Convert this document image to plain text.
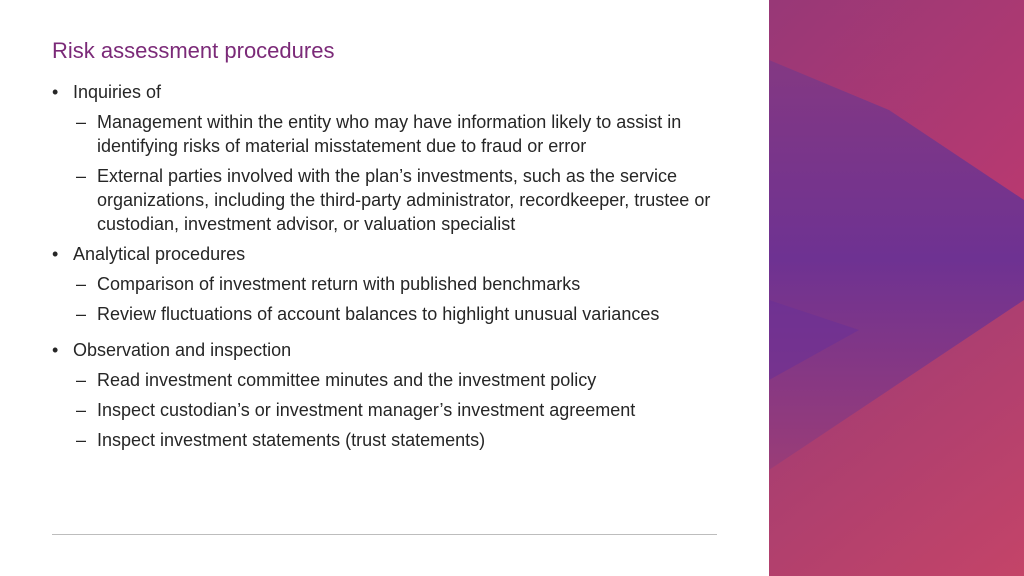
Risk assessment procedures
• Inquiries of
– Management within the entity who may have information likely to assist in identifying risks of material misstatement due to fraud or error
– External parties involved with the plan’s investments, such as the service organizations, including the third-party administrator, recordkeeper, trustee or custodian, investment advisor, or valuation specialist
• Analytical procedures
– Comparison of investment return with published benchmarks
– Review fluctuations of account balances to highlight unusual variances
• Observation and inspection
– Read investment committee minutes and the investment policy
– Inspect custodian’s or investment manager’s investment agreement
– Inspect investment statements (trust statements)
